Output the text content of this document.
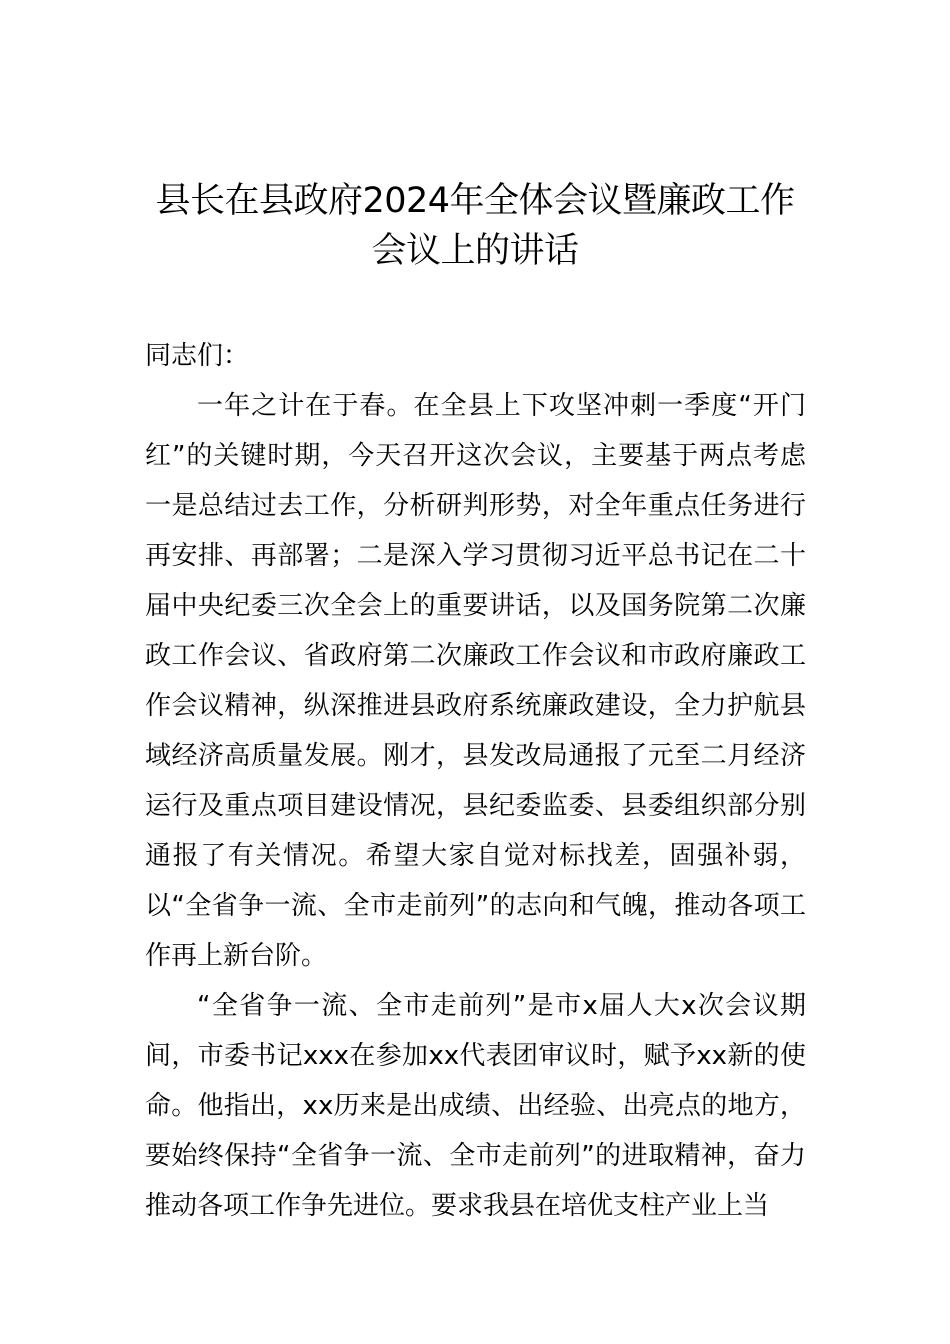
县长在县政府2024年全体会议暨廉政工作
会议上的讲话

同志们：

一年之计在于春。在全县上下攻坚冲刺一季度“开门红”的关键时期，今天召开这次会议，主要基于两点考虑一是总结过去工作，分析研判形势，对全年重点任务进行再安排、再部署；二是深入学习贯彻习近平总书记在二十届中央纪委三次全会上的重要讲话，以及国务院第二次廉政工作会议、省政府第二次廉政工作会议和市政府廉政工作会议精神，纵深推进县政府系统廉政建设，全力护航县域经济高质量发展。刚才，县发改局通报了元至二月经济运行及重点项目建设情况，县纪委监委、县委组织部分别通报了有关情况。希望大家自觉对标找差，固强补弱，以“全省争一流、全市走前列”的志向和气魄，推动各项工作再上新台阶。

“全省争一流、全市走前列”是市x届人大x次会议期间，市委书记xxx在参加xx代表团审议时，赋予xx新的使命。他指出，xx历来是出成绩、出经验、出亮点的地方，要始终保持“全省争一流、全市走前列”的进取精神，奋力推动各项工作争先进位。要求我县在培优支柱产业上当
